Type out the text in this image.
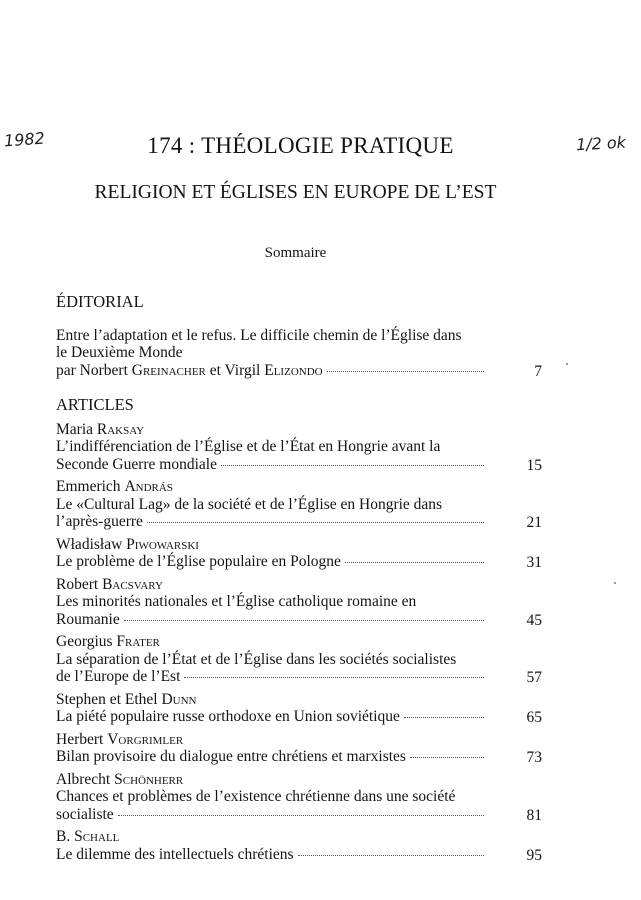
1982	1/2 ok
174 : THÉOLOGIE PRATIQUE
RELIGION ET ÉGLISES EN EUROPE DE L’EST
Sommaire
ÉDITORIAL
Entre l’adaptation et le refus. Le difficile chemin de l’Église dans
le Deuxième Monde
par Norbert Greinacher et Virgil Elizondo	7
ARTICLES
Maria Raksay
L’indifférenciation de l’Église et de l’État en Hongrie avant la
Seconde Guerre mondiale	15
Emmerich András
Le «Cultural Lag» de la société et de l’Église en Hongrie dans
l’après-guerre	21
Władisław Piwowarski
Le problème de l’Église populaire en Pologne	31
Robert Bacsvary
Les minorités nationales et l’Église catholique romaine en
Roumanie	45
Georgius Frater
La séparation de l’État et de l’Église dans les sociétés socialistes
de l’Europe de l’Est	57
Stephen et Ethel Dunn
La piété populaire russe orthodoxe en Union soviétique	65
Herbert Vorgrimler
Bilan provisoire du dialogue entre chrétiens et marxistes	73
Albrecht Schönherr
Chances et problèmes de l’existence chrétienne dans une société
socialiste	81
B. Schall
Le dilemme des intellectuels chrétiens	95
